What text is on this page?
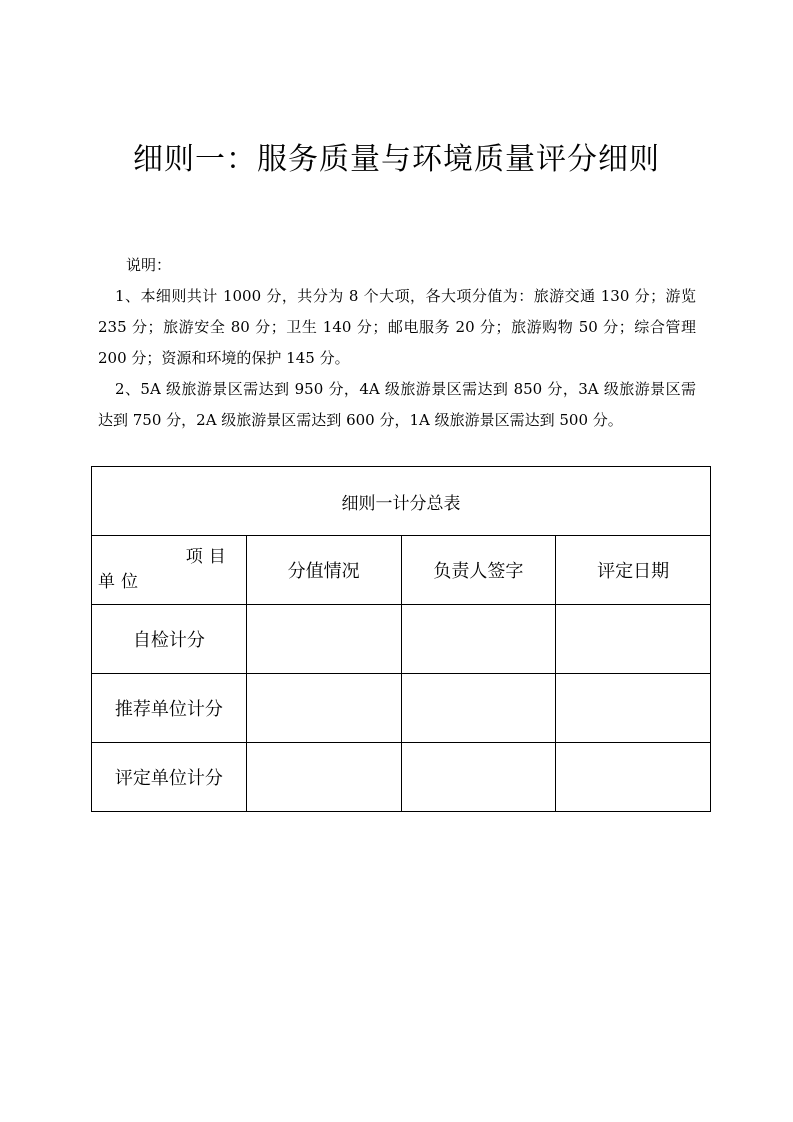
细则一：服务质量与环境质量评分细则

说明：

1、本细则共计 1000 分，共分为 8 个大项，各大项分值为：旅游交通 130 分；游览 235 分；旅游安全 80 分；卫生 140 分；邮电服务 20 分；旅游购物 50 分；综合管理 200 分；资源和环境的保护 145 分。

2、5A 级旅游景区需达到 950 分，4A 级旅游景区需达到 850 分，3A 级旅游景区需达到 750 分，2A 级旅游景区需达到 600 分，1A 级旅游景区需达到 500 分。

细则一计分总表			

项目
单位	分值情况	负责人签字	评定日期
自检计分			
推荐单位计分			
评定单位计分			
